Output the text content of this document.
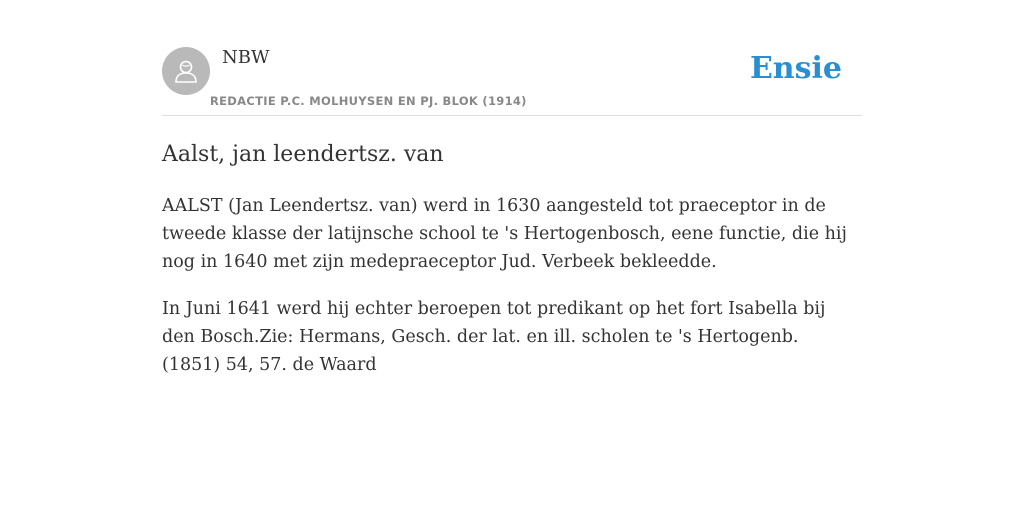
NBW
REDACTIE P.C. MOLHUYSEN EN PJ. BLOK (1914)
Ensie
Aalst, jan leendertsz. van

AALST (Jan Leendertsz. van) werd in 1630 aangesteld tot praeceptor in de tweede klasse der latijnsche school te 's Hertogenbosch, eene functie, die hij nog in 1640 met zijn medepraeceptor Jud. Verbeek bekleedde.

In Juni 1641 werd hij echter beroepen tot predikant op het fort Isabella bij den Bosch.Zie: Hermans, Gesch. der lat. en ill. scholen te 's Hertogenb. (1851) 54, 57. de Waard
